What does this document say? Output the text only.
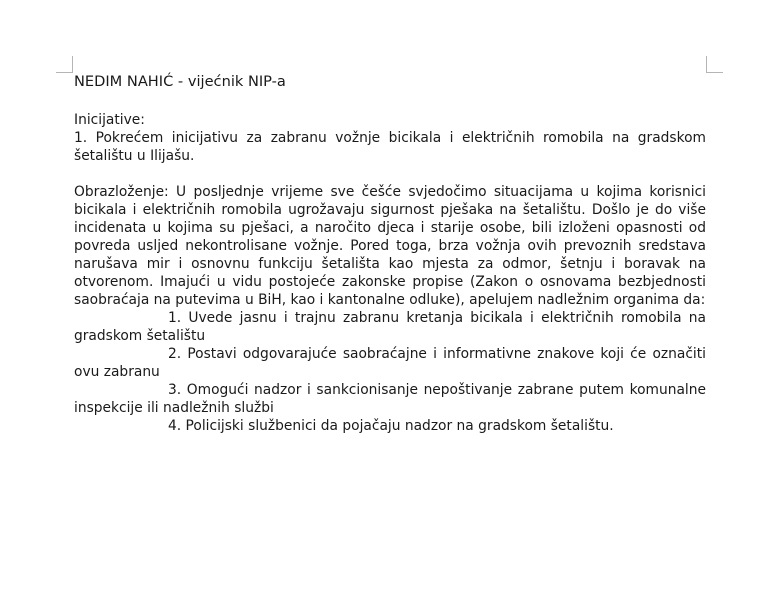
NEDIM NAHIĆ - vijećnik NIP-a

Inicijative:

1. Pokrećem inicijativu za zabranu vožnje bicikala i električnih romobila na gradskom šetalištu u Ilijašu.

Obrazloženje: U posljednje vrijeme sve češće svjedočimo situacijama u kojima korisnici bicikala i električnih romobila ugrožavaju sigurnost pješaka na šetalištu. Došlo je do više incidenata u kojima su pješaci, a naročito djeca i starije osobe, bili izloženi opasnosti od povreda usljed nekontrolisane vožnje. Pored toga, brza vožnja ovih prevoznih sredstava narušava mir i osnovnu funkciju šetališta kao mjesta za odmor, šetnju i boravak na otvorenom. Imajući u vidu postojeće zakonske propise (Zakon o osnovama bezbjednosti saobraćaja na putevima u BiH, kao i kantonalne odluke), apelujem nadležnim organima da:

1. Uvede jasnu i trajnu zabranu kretanja bicikala i električnih romobila na gradskom šetalištu
2. Postavi odgovarajuće saobraćajne i informativne znakove koji će označiti ovu zabranu
3. Omogući nadzor i sankcionisanje nepoštivanje zabrane putem komunalne inspekcije ili nadležnih službi
4. Policijski službenici da pojačaju nadzor na gradskom šetalištu.
